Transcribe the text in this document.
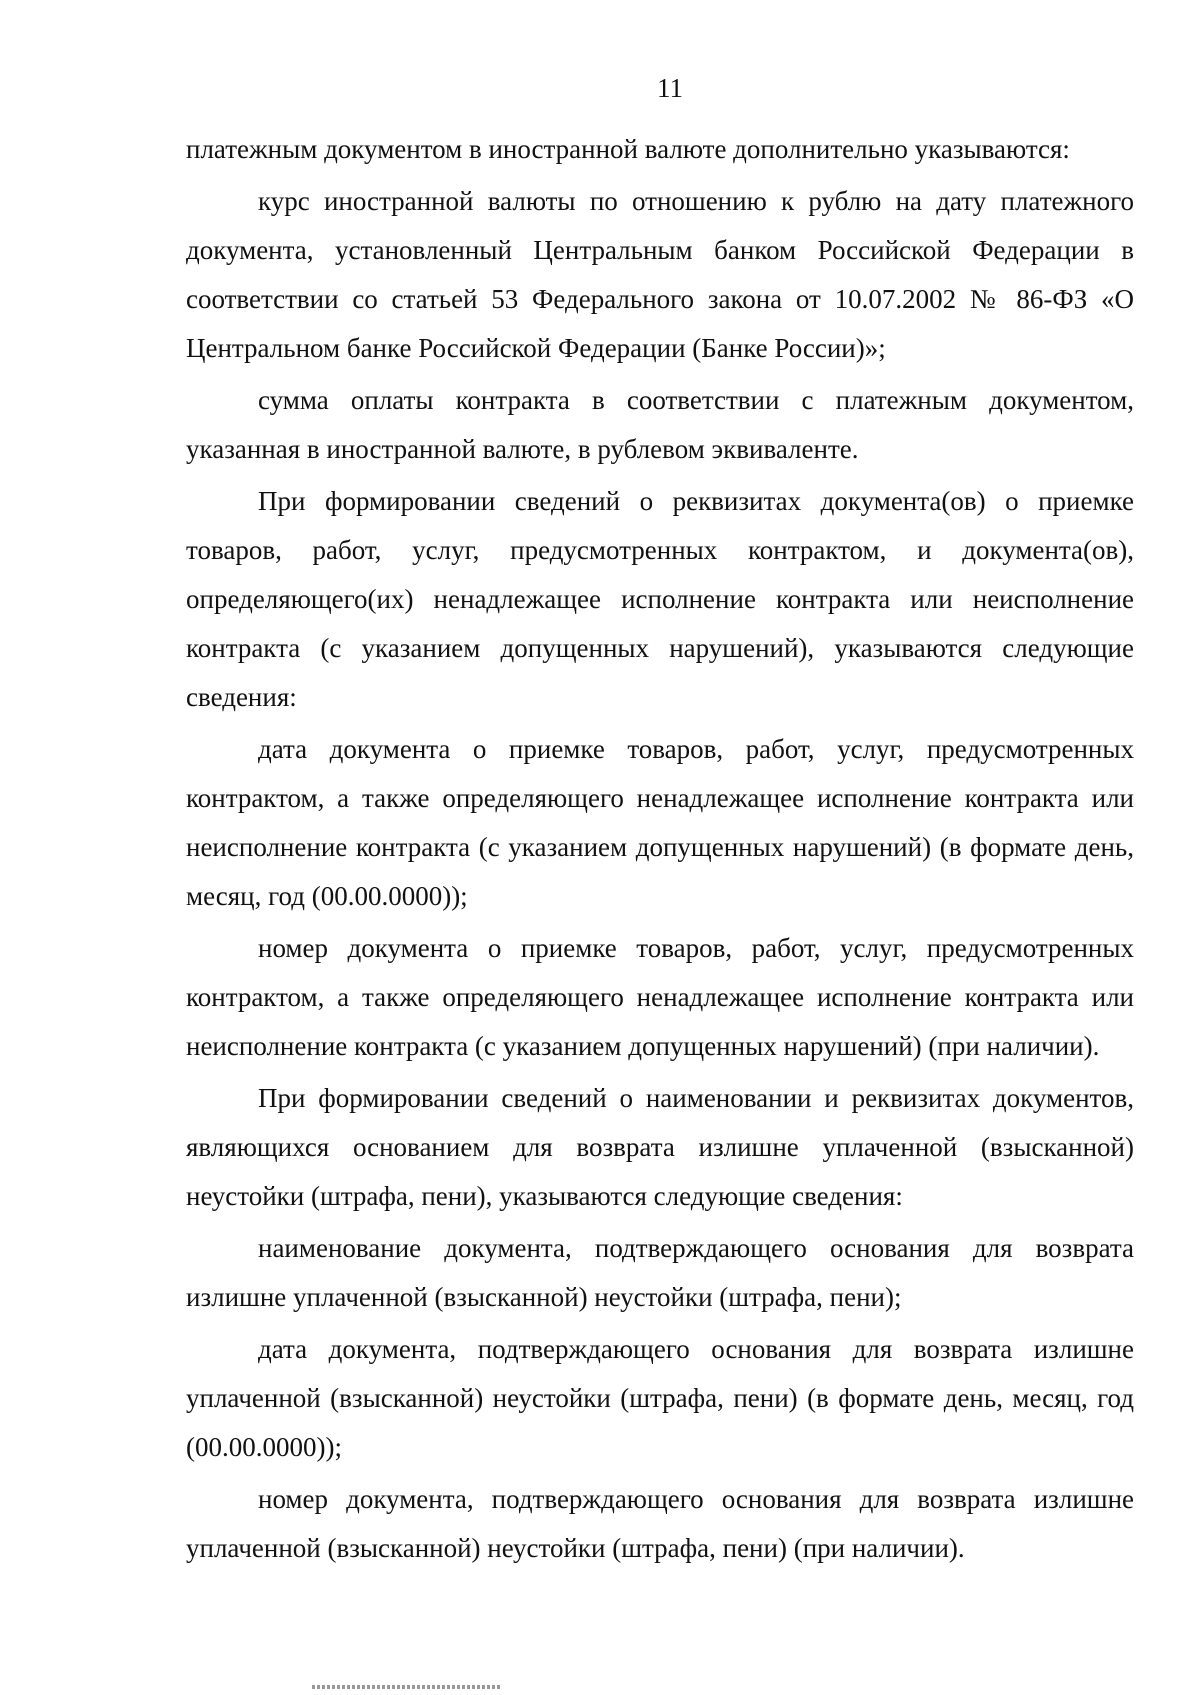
11

платежным документом в иностранной валюте дополнительно указываются:

курс иностранной валюты по отношению к рублю на дату платежного документа, установленный Центральным банком Российской Федерации в соответствии со статьей 53 Федерального закона от 10.07.2002 № 86-ФЗ «О Центральном банке Российской Федерации (Банке России)»;

сумма оплаты контракта в соответствии с платежным документом, указанная в иностранной валюте, в рублевом эквиваленте.

При формировании сведений о реквизитах документа(ов) о приемке товаров, работ, услуг, предусмотренных контрактом, и документа(ов), определяющего(их) ненадлежащее исполнение контракта или неисполнение контракта (с указанием допущенных нарушений), указываются следующие сведения:

дата документа о приемке товаров, работ, услуг, предусмотренных контрактом, а также определяющего ненадлежащее исполнение контракта или неисполнение контракта (с указанием допущенных нарушений) (в формате день, месяц, год (00.00.0000));

номер документа о приемке товаров, работ, услуг, предусмотренных контрактом, а также определяющего ненадлежащее исполнение контракта или неисполнение контракта (с указанием допущенных нарушений) (при наличии).

При формировании сведений о наименовании и реквизитах документов, являющихся основанием для возврата излишне уплаченной (взысканной) неустойки (штрафа, пени), указываются следующие сведения:

наименование документа, подтверждающего основания для возврата излишне уплаченной (взысканной) неустойки (штрафа, пени);

дата документа, подтверждающего основания для возврата излишне уплаченной (взысканной) неустойки (штрафа, пени) (в формате день, месяц, год (00.00.0000));

номер документа, подтверждающего основания для возврата излишне уплаченной (взысканной) неустойки (штрафа, пени) (при наличии).
